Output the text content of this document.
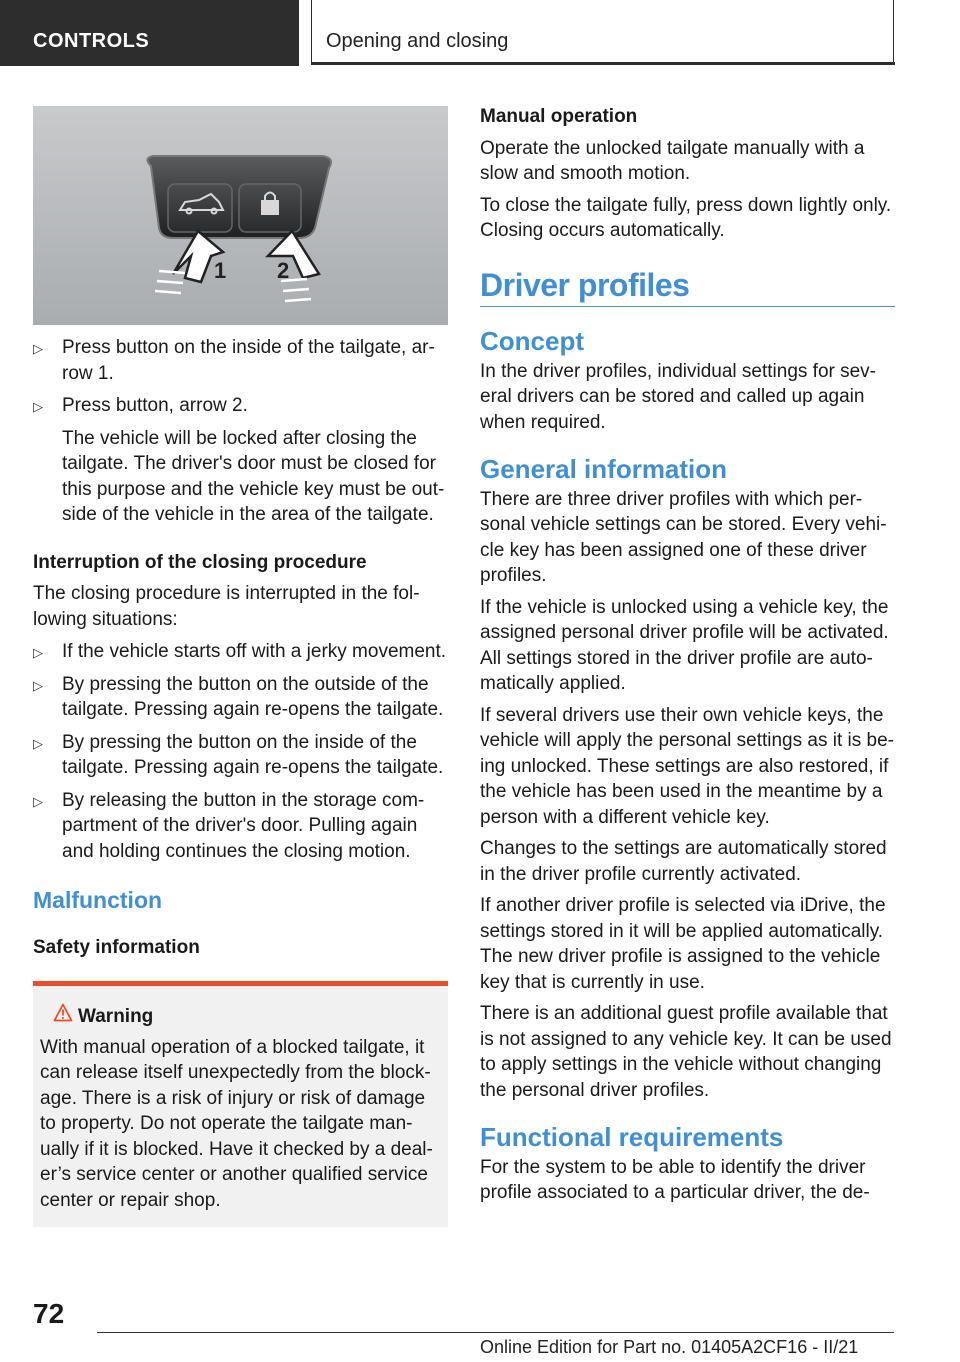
CONTROLS	Opening and closing
1 2
▷ Press button on the inside of the tailgate, ar-row 1.

▷ Press button, arrow 2.

The vehicle will be locked after closing the tailgate. The driver's door must be closed for this purpose and the vehicle key must be out-side of the vehicle in the area of the tailgate.

Interruption of the closing procedure

The closing procedure is interrupted in the fol-lowing situations:

▷ If the vehicle starts off with a jerky movement.

▷ By pressing the button on the outside of the tailgate. Pressing again re-opens the tailgate.

▷ By pressing the button on the inside of the tailgate. Pressing again re-opens the tailgate.

▷ By releasing the button in the storage com-partment of the driver's door. Pulling again and holding continues the closing motion.

Malfunction
Safety information
Warning
With manual operation of a blocked tailgate, it can release itself unexpectedly from the block-age. There is a risk of injury or risk of damage to property. Do not operate the tailgate man-ually if it is blocked. Have it checked by a deal-er’s service center or another qualified service center or repair shop.
Manual operation

Operate the unlocked tailgate manually with a slow and smooth motion.

To close the tailgate fully, press down lightly only. Closing occurs automatically.

Driver profiles
Concept

In the driver profiles, individual settings for sev-eral drivers can be stored and called up again when required.

General information

There are three driver profiles with which per-sonal vehicle settings can be stored. Every vehi-cle key has been assigned one of these driver profiles.

If the vehicle is unlocked using a vehicle key, the assigned personal driver profile will be activated. All settings stored in the driver profile are auto-matically applied.

If several drivers use their own vehicle keys, the vehicle will apply the personal settings as it is be-ing unlocked. These settings are also restored, if the vehicle has been used in the meantime by a person with a different vehicle key.

Changes to the settings are automatically stored in the driver profile currently activated.

If another driver profile is selected via iDrive, the settings stored in it will be applied automatically. The new driver profile is assigned to the vehicle key that is currently in use.

There is an additional guest profile available that is not assigned to any vehicle key. It can be used to apply settings in the vehicle without changing the personal driver profiles.

Functional requirements

For the system to be able to identify the driver profile associated to a particular driver, the de-

72
Online Edition for Part no. 01405A2CF16 - II/21
